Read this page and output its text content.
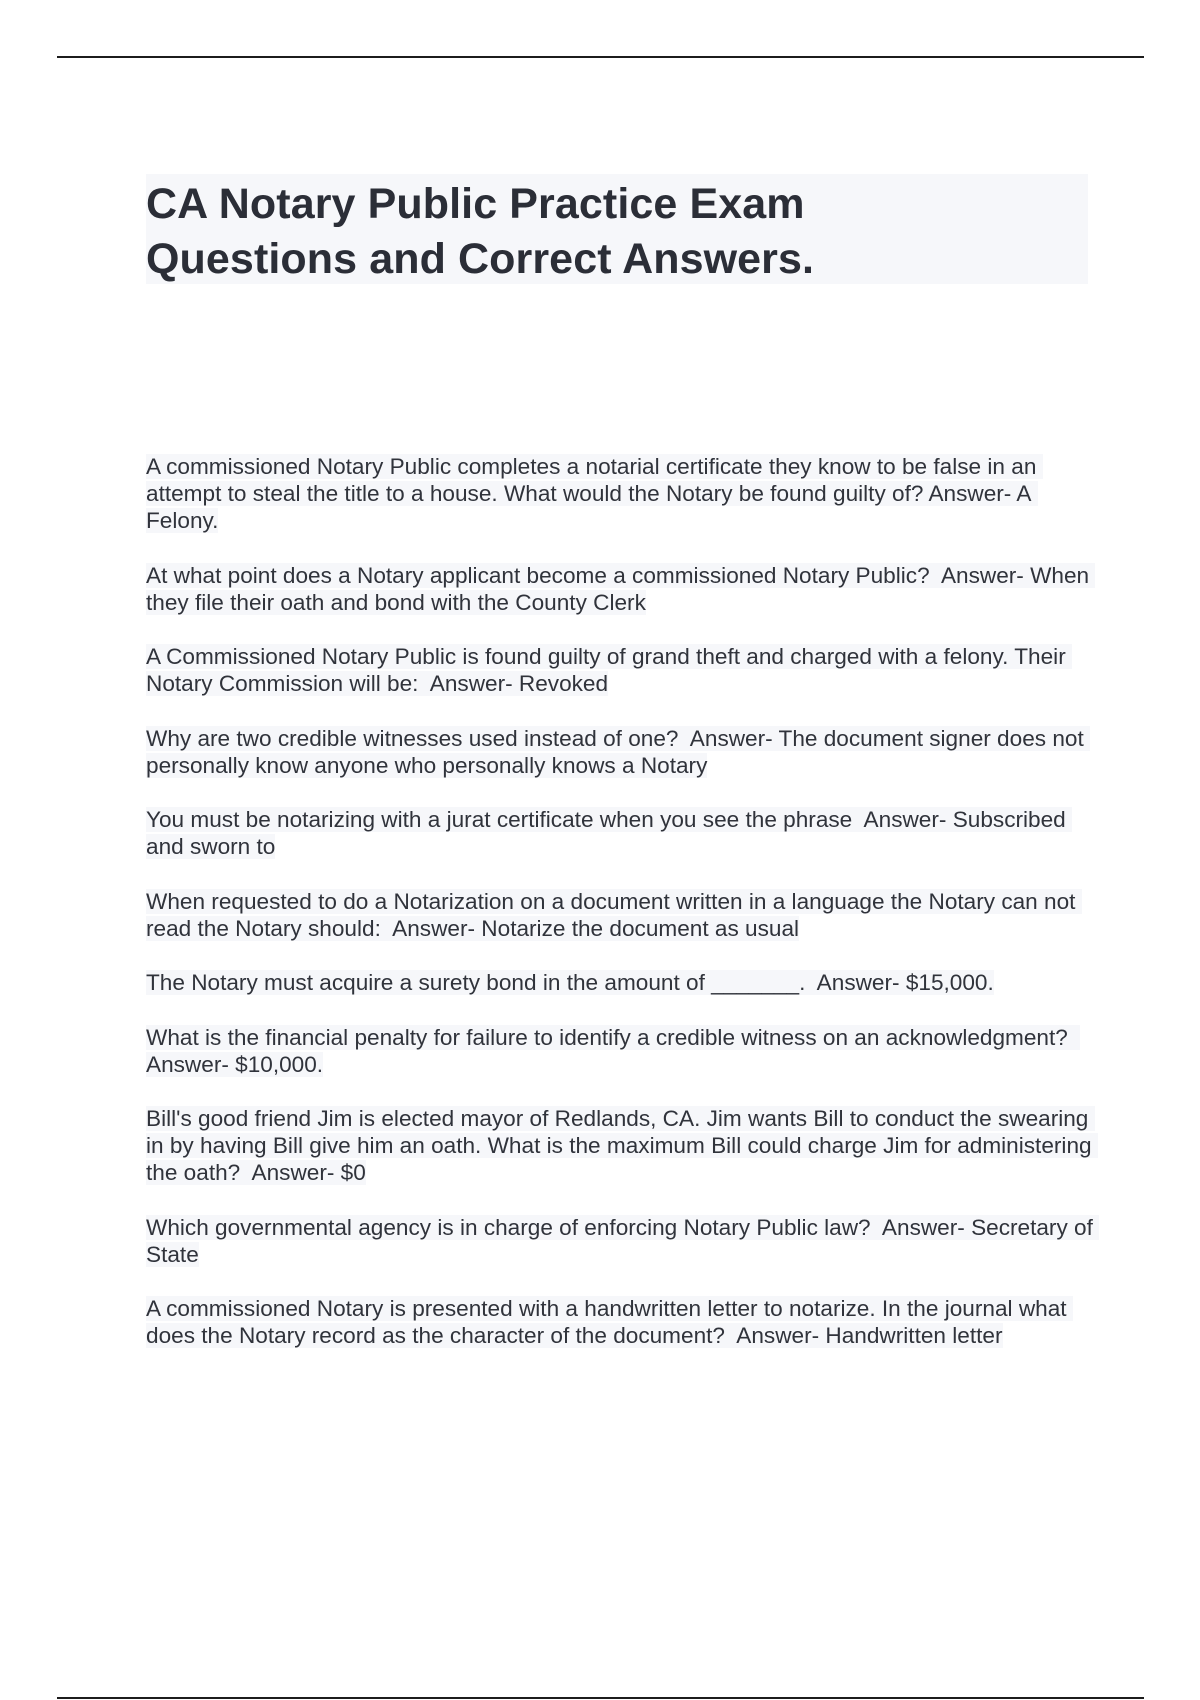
CA Notary Public Practice Exam
Questions and Correct Answers.

A commissioned Notary Public completes a notarial certificate they know to be false in an attempt to steal the title to a house. What would the Notary be found guilty of? Answer- A Felony.

At what point does a Notary applicant become a commissioned Notary Public?  Answer- When they file their oath and bond with the County Clerk

A Commissioned Notary Public is found guilty of grand theft and charged with a felony. Their Notary Commission will be:  Answer- Revoked

Why are two credible witnesses used instead of one?  Answer- The document signer does not personally know anyone who personally knows a Notary

You must be notarizing with a jurat certificate when you see the phrase  Answer- Subscribed and sworn to

When requested to do a Notarization on a document written in a language the Notary can not read the Notary should:  Answer- Notarize the document as usual

The Notary must acquire a surety bond in the amount of _______.  Answer- $15,000.

What is the financial penalty for failure to identify a credible witness on an acknowledgment?  Answer- $10,000.

Bill's good friend Jim is elected mayor of Redlands, CA. Jim wants Bill to conduct the swearing in by having Bill give him an oath. What is the maximum Bill could charge Jim for administering the oath?  Answer- $0

Which governmental agency is in charge of enforcing Notary Public law?  Answer- Secretary of State

A commissioned Notary is presented with a handwritten letter to notarize. In the journal what does the Notary record as the character of the document?  Answer- Handwritten letter
